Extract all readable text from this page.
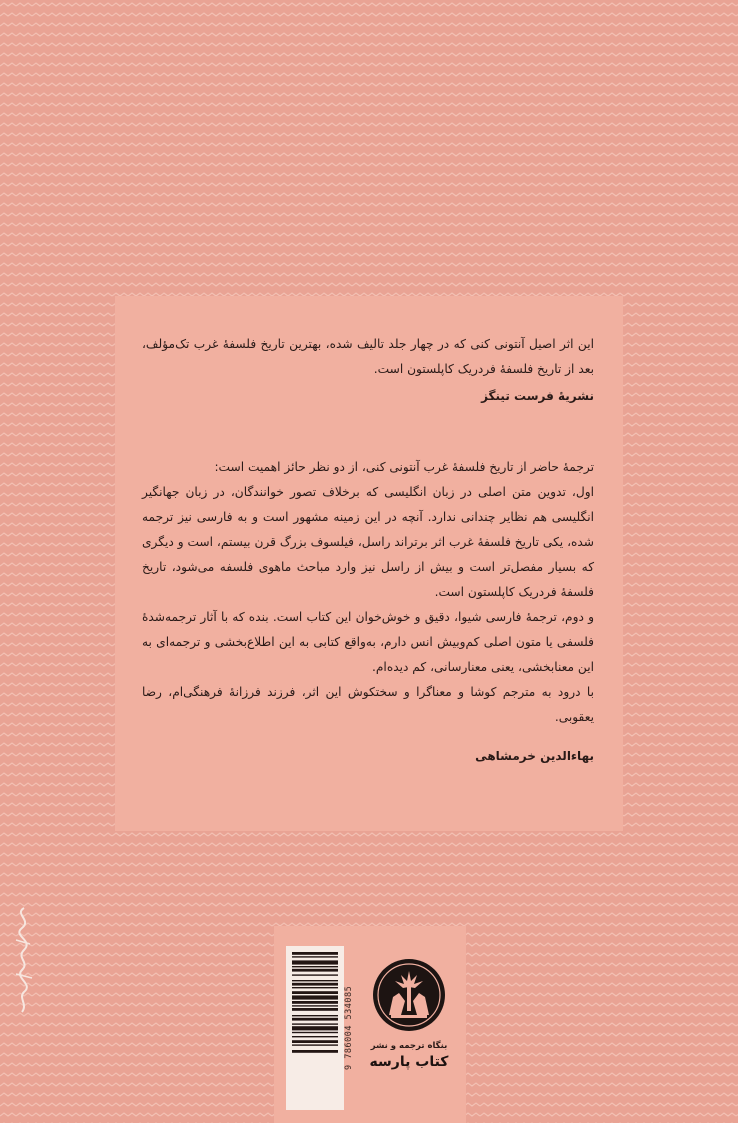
این اثر اصیل آنتونی کنی که در چهار جلد تالیف شده، بهترین تاریخ فلسفهٔ غرب تک‌مؤلف، بعد از تاریخ فلسفهٔ فردریک کاپلستون است.

نشریهٔ فرست تینگز

ترجمهٔ حاضر از تاریخ فلسفهٔ غرب آنتونی کنی، از دو نظر حائز اهمیت است:

اول، تدوین متن اصلی در زبان انگلیسی که برخلاف تصور خوانندگان، در زبان جهانگیر انگلیسی هم نظایر چندانی ندارد. آنچه در این زمینه مشهور است و به فارسی نیز ترجمه شده، یکی تاریخ فلسفهٔ غرب اثر برتراند راسل، فیلسوف بزرگ قرن بیستم، است و دیگری که بسیار مفصل‌تر است و بیش از راسل نیز وارد مباحث ماهوی فلسفه می‌شود، تاریخ فلسفهٔ فردریک کاپلستون است.

و دوم، ترجمهٔ فارسی شیوا، دقیق و خوش‌خوان این کتاب است. بنده که با آثار ترجمه‌شدهٔ فلسفی یا متون اصلی کم‌وبیش انس دارم، به‌واقع کتابی به این اطلاع‌بخشی و ترجمه‌ای به این معنابخشی، یعنی معنارسانی، کم دیده‌ام.

با درود به مترجم کوشا و معناگرا و سختکوش این اثر، فرزند فرزانهٔ فرهنگی‌ام، رضا یعقوبی.

بهاءالدین خرمشاهی

9 786004 534085	بنگاه ترجمه و نشر
کتاب پارسه
